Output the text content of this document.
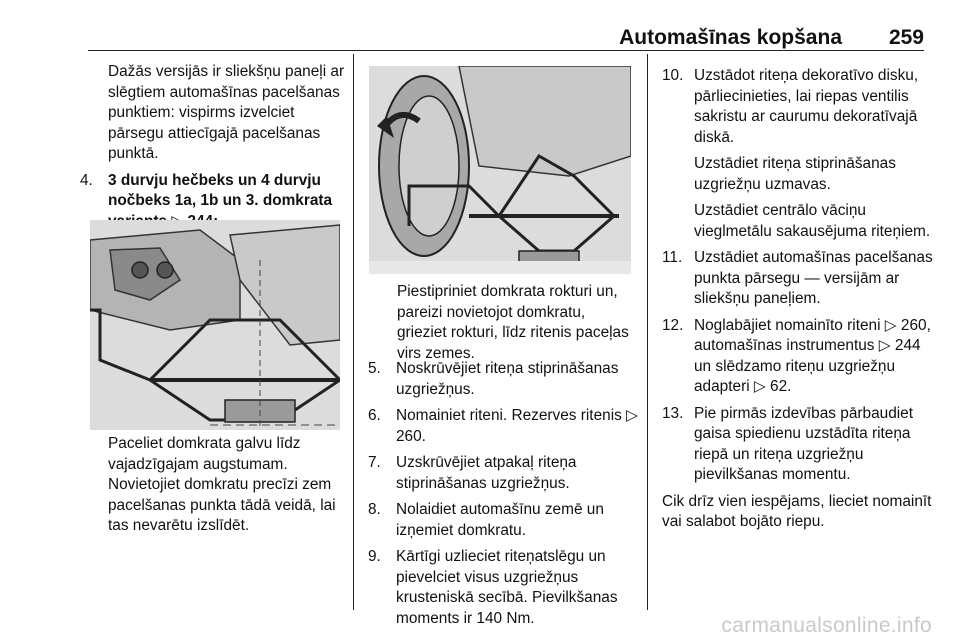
Automašīnas kopšana 259

Dažās versijās ir sliekšņu paneļi ar slēgtiem automašīnas pacelšanas punktiem: vispirms izvelciet pārsegu attiecīgajā pacelšanas punktā.

4. 3 durvju hečbeks un 4 durvju nočbeks 1a, 1b un 3. domkrata

Paceliet domkrata galvu līdz vajadzīgajam augstumam. Novietojiet domkratu precīzi zem pacelšanas punkta tādā veidā, lai tas nevarētu izslīdēt.

Piestipriniet domkrata rokturi un, pareizi novietojot domkratu, grieziet rokturi, līdz ritenis paceļas virs zemes.

5. Noskrūvējiet riteņa stiprināšanas uzgriežņus.
6. Nomainiet riteni. Rezerves ritenis ▷ 260.
7. Uzskrūvējiet atpakaļ riteņa stiprināšanas uzgriežņus.
8. Nolaidiet automašīnu zemē un izņemiet domkratu.
9. Kārtīgi uzlieciet riteņatslēgu un pievelciet visus uzgriežņus krusteniskā secībā. Pievilkšanas moments ir 140 Nm.
10. Uzstādot riteņa dekoratīvo disku, pārliecinieties, lai riepas ventilis sakristu ar caurumu dekoratīvajā diskā.

Uzstādiet riteņa stiprināšanas uzgriežņu uzmavas.

Uzstādiet centrālo vāciņu vieglmetālu sakausējuma riteņiem.

11. Uzstādiet automašīnas pacelšanas punkta pārsegu — versijām ar sliekšņu paneļiem.

12. Noglabājiet nomainīto riteni ▷ 260, automašīnas instrumentus ▷ 244 un slēdzamo riteņu uzgriežņu adapteri ▷ 62.

13. Pie pirmās izdevības pārbaudiet gaisa spiedienu uzstādīta riteņa riepā un riteņa uzgriežņu pievilkšanas momentu.

Cik drīz vien iespējams, lieciet nomainīt vai salabot bojāto riepu.

carmanualsonline.info
